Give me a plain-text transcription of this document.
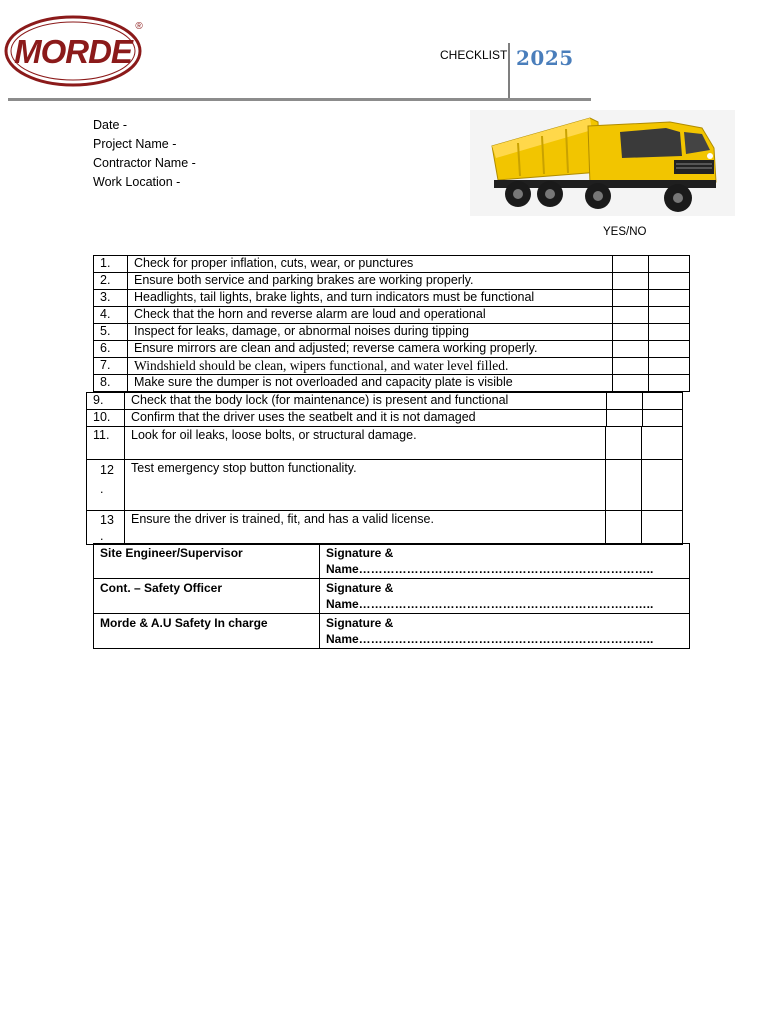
MORDE
®
CHECKLIST 2025
Date -
Project Name -
Contractor Name -
Work Location -
YES/NO
1.	Check for proper inflation, cuts, wear, or punctures		
2.	Ensure both service and parking brakes are working properly.		
3.	Headlights, tail lights, brake lights, and turn indicators must be functional		
4.	Check that the horn and reverse alarm are loud and operational		
5.	Inspect for leaks, damage, or abnormal noises during tipping		
6.	Ensure mirrors are clean and adjusted; reverse camera working properly.		
7.	Windshield should be clean, wipers functional, and water level filled.		
8.	Make sure the dumper is not overloaded and capacity plate is visible		
9.	Check that the body lock (for maintenance) is present and functional		
10.	Confirm that the driver uses the seatbelt and it is not damaged		
11.	Look for oil leaks, loose bolts, or structural damage.		
12
.	Test emergency stop button functionality.		
13
.	Ensure the driver is trained, fit, and has a valid license.		
Site Engineer/Supervisor	Signature &
Name………………………………………………………………..

Cont. – Safety Officer	Signature &
Name………………………………………………………………..

Morde & A.U Safety In charge	Signature &
Name………………………………………………………………..
